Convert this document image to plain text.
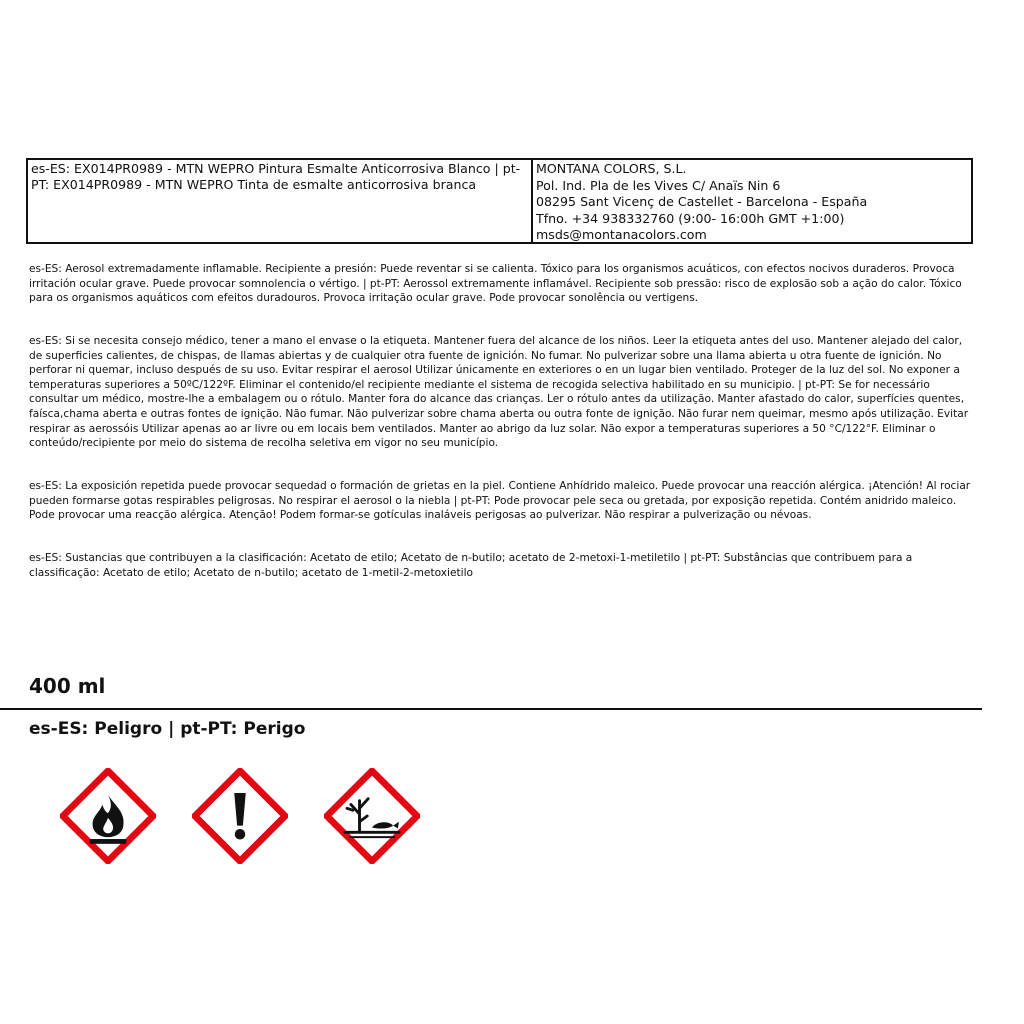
es-ES: EX014PR0989 - MTN WEPRO Pintura Esmalte Anticorrosiva Blanco | pt-PT: EX014PR0989 - MTN WEPRO Tinta de esmalte anticorrosiva branca
MONTANA COLORS, S.L.
Pol. Ind. Pla de les Vives C/ Anaïs Nin 6
08295 Sant Vicenç de Castellet - Barcelona - España
Tfno. +34 938332760 (9:00- 16:00h GMT +1:00)
msds@montanacolors.com
es-ES: Aerosol extremadamente inflamable. Recipiente a presión: Puede reventar si se calienta. Tóxico para los organismos acuáticos, con efectos nocivos duraderos. Provoca irritación ocular grave. Puede provocar somnolencia o vértigo. | pt-PT: Aerossol extremamente inflamável. Recipiente sob pressão: risco de explosão sob a ação do calor. Tóxico para os organismos aquáticos com efeitos duradouros. Provoca irritação ocular grave. Pode provocar sonolência ou vertigens.
es-ES: Si se necesita consejo médico, tener a mano el envase o la etiqueta. Mantener fuera del alcance de los niños. Leer la etiqueta antes del uso. Mantener alejado del calor, de superficies calientes, de chispas, de llamas abiertas y de cualquier otra fuente de ignición. No fumar. No pulverizar sobre una llama abierta u otra fuente de ignición. No perforar ni quemar, incluso después de su uso. Evitar respirar el aerosol Utilizar únicamente en exteriores o en un lugar bien ventilado. Proteger de la luz del sol. No exponer a temperaturas superiores a 50ºC/122ºF. Eliminar el contenido/el recipiente mediante el sistema de recogida selectiva habilitado en su municipio. | pt-PT: Se for necessário consultar um médico, mostre-lhe a embalagem ou o rótulo. Manter fora do alcance das crianças. Ler o rótulo antes da utilização. Manter afastado do calor, superfícies quentes, faísca,chama aberta e outras fontes de ignição. Não fumar. Não pulverizar sobre chama aberta ou outra fonte de ignição. Não furar nem queimar, mesmo após utilização. Evitar respirar as aerossóis Utilizar apenas ao ar livre ou em locais bem ventilados. Manter ao abrigo da luz solar. Não expor a temperaturas superiores a 50 °C/122°F. Eliminar o conteúdo/recipiente por meio do sistema de recolha seletiva em vigor no seu município.
es-ES: La exposición repetida puede provocar sequedad o formación de grietas en la piel. Contiene Anhídrido maleico. Puede provocar una reacción alérgica. ¡Atención! Al rociar pueden formarse gotas respirables peligrosas. No respirar el aerosol o la niebla | pt-PT: Pode provocar pele seca ou gretada, por exposição repetida. Contém anidrido maleico. Pode provocar uma reacção alérgica. Atenção! Podem formar-se gotículas inaláveis perigosas ao pulverizar. Não respirar a pulverização ou névoas.
es-ES: Sustancias que contribuyen a la clasificación: Acetato de etilo; Acetato de n-butilo; acetato de 2-metoxi-1-metiletilo | pt-PT: Substâncias que contribuem para a classificação: Acetato de etilo; Acetato de n-butilo; acetato de 1-metil-2-metoxietilo
400 ml
es-ES: Peligro | pt-PT: Perigo
